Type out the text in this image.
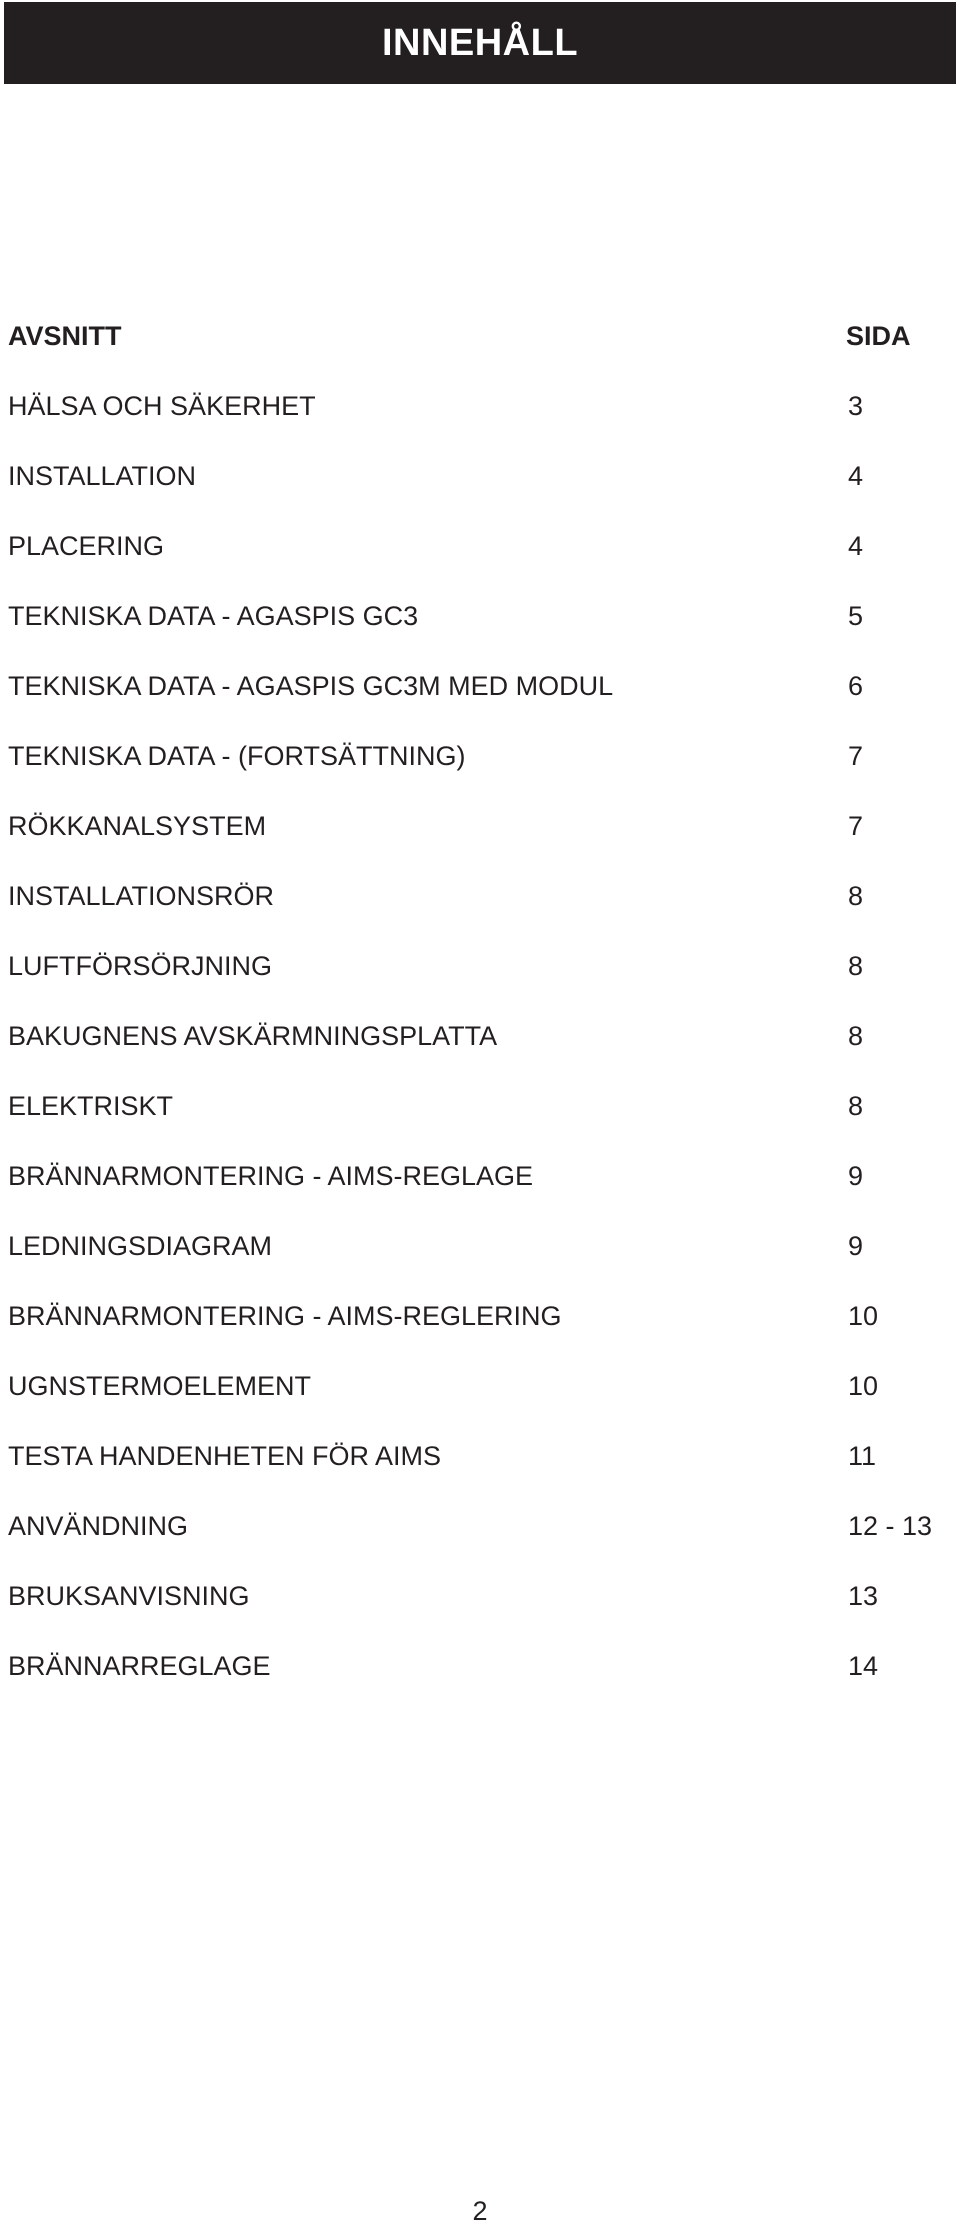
INNEHÅLL
AVSNITT	SIDA
HÄLSA OCH SÄKERHET	3
INSTALLATION	4
PLACERING	4
TEKNISKA DATA - AGASPIS GC3	5
TEKNISKA DATA - AGASPIS GC3M MED MODUL	6
TEKNISKA DATA - (FORTSÄTTNING)	7
RÖKKANALSYSTEM	7
INSTALLATIONSRÖR	8
LUFTFÖRSÖRJNING	8
BAKUGNENS AVSKÄRMNINGSPLATTA	8
ELEKTRISKT	8
BRÄNNARMONTERING - AIMS-REGLAGE	9
LEDNINGSDIAGRAM	9
BRÄNNARMONTERING - AIMS-REGLERING	10
UGNSTERMOELEMENT	10
TESTA HANDENHETEN FÖR AIMS	11
ANVÄNDNING	12 - 13
BRUKSANVISNING	13
BRÄNNARREGLAGE	14
2
